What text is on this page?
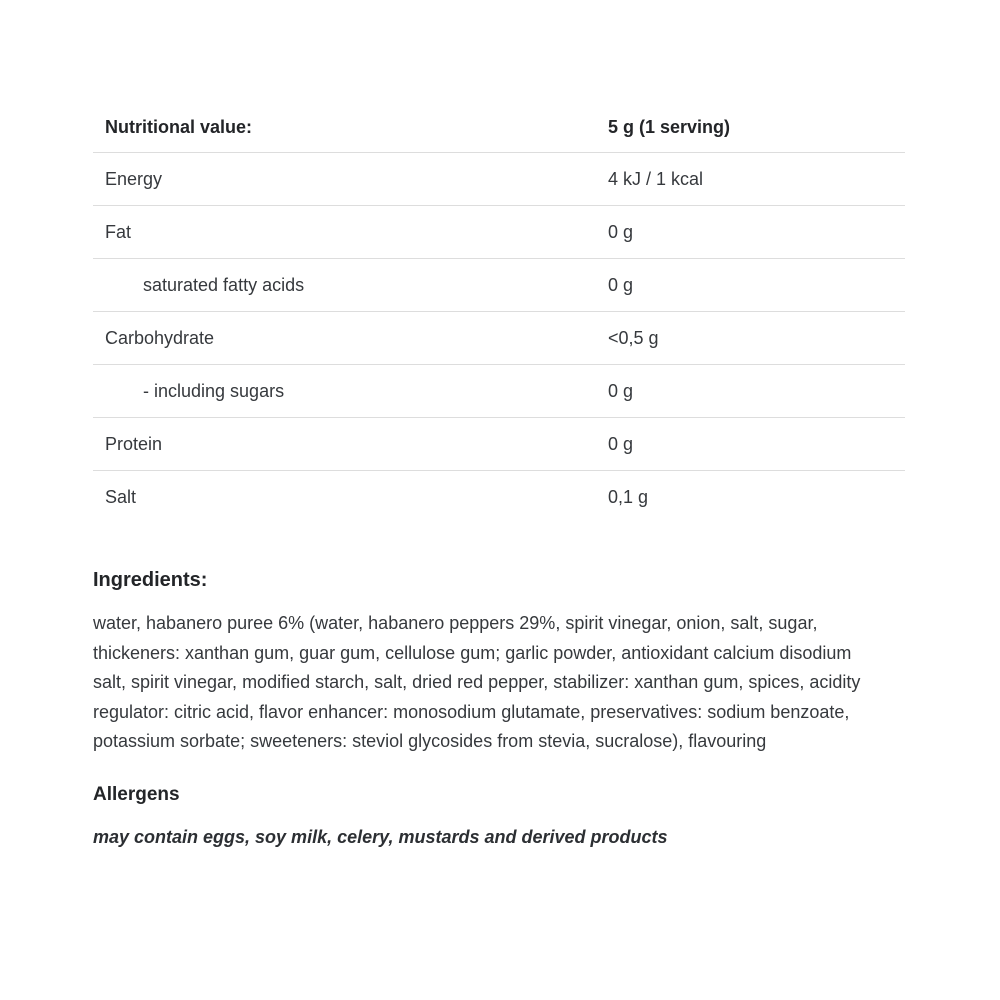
Nutritional value:	5 g (1 serving)
Energy	4 kJ / 1 kcal
Fat	0 g
saturated fatty acids	0 g
Carbohydrate	<0,5 g
- including sugars	0 g
Protein	0 g
Salt	0,1 g
Ingredients:

water, habanero puree 6% (water, habanero peppers 29%, spirit vinegar, onion, salt, sugar, thickeners: xanthan gum, guar gum, cellulose gum; garlic powder, antioxidant calcium disodium salt, spirit vinegar, modified starch, salt, dried red pepper, stabilizer: xanthan gum, spices, acidity regulator: citric acid, flavor enhancer: monosodium glutamate, preservatives: sodium benzoate, potassium sorbate; sweeteners: steviol glycosides from stevia, sucralose), flavouring

Allergens

may contain eggs, soy milk, celery, mustards and derived products
